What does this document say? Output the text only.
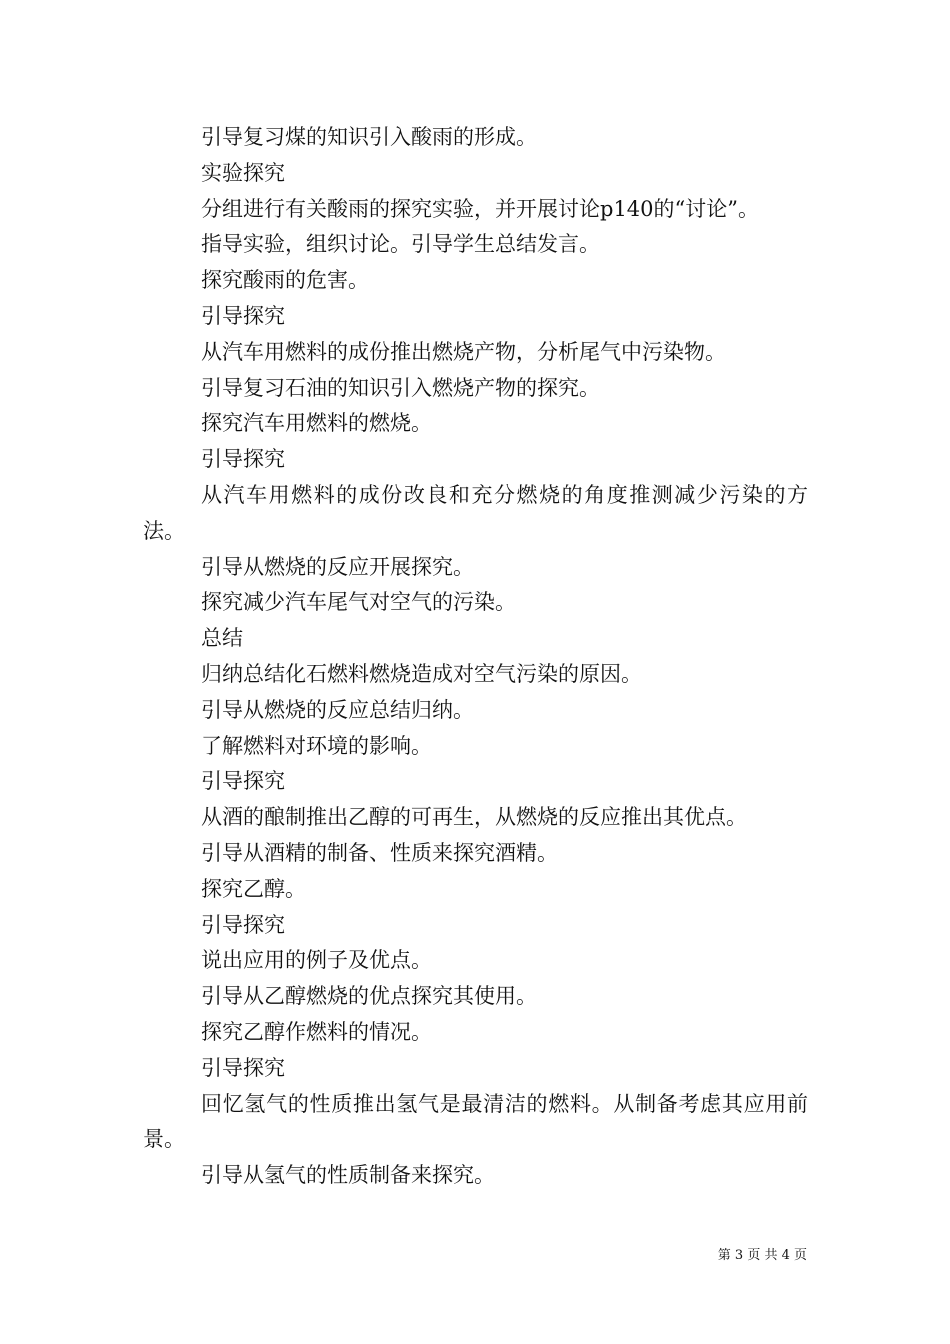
引导复习煤的知识引入酸雨的形成。

实验探究

分组进行有关酸雨的探究实验，并开展讨论p140的“讨论”。

指导实验，组织讨论。引导学生总结发言。

探究酸雨的危害。

引导探究

从汽车用燃料的成份推出燃烧产物，分析尾气中污染物。

引导复习石油的知识引入燃烧产物的探究。

探究汽车用燃料的燃烧。

引导探究

从汽车用燃料的成份改良和充分燃烧的角度推测减少污染的方法。

引导从燃烧的反应开展探究。

探究减少汽车尾气对空气的污染。

总结

归纳总结化石燃料燃烧造成对空气污染的原因。

引导从燃烧的反应总结归纳。

了解燃料对环境的影响。

引导探究

从酒的酿制推出乙醇的可再生，从燃烧的反应推出其优点。

引导从酒精的制备、性质来探究酒精。

探究乙醇。

引导探究

说出应用的例子及优点。

引导从乙醇燃烧的优点探究其使用。

探究乙醇作燃料的情况。

引导探究

回忆氢气的性质推出氢气是最清洁的燃料。从制备考虑其应用前景。

引导从氢气的性质制备来探究。

第 3 页 共 4 页
